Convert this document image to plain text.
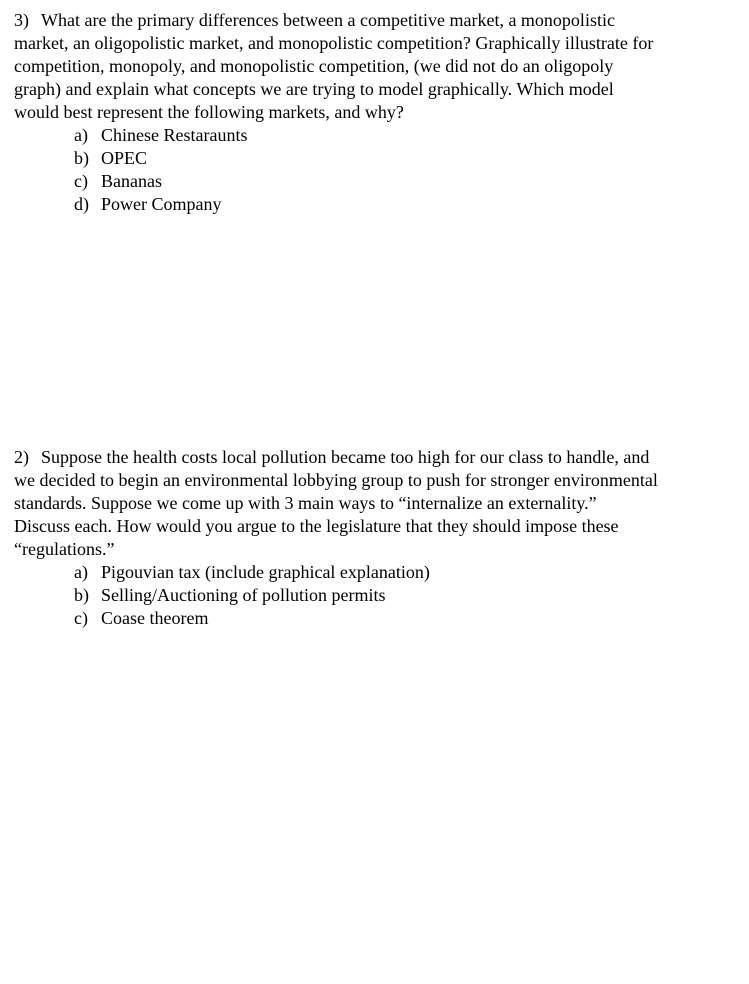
3) What are the primary differences between a competitive market, a monopolistic
market, an oligopolistic market, and monopolistic competition? Graphically illustrate for
competition, monopoly, and monopolistic competition, (we did not do an oligopoly
graph) and explain what concepts we are trying to model graphically. Which model
would best represent the following markets, and why?
a) Chinese Restaraunts
b) OPEC
c) Bananas
d) Power Company
2) Suppose the health costs local pollution became too high for our class to handle, and
we decided to begin an environmental lobbying group to push for stronger environmental
standards. Suppose we come up with 3 main ways to “internalize an externality.”
Discuss each. How would you argue to the legislature that they should impose these
“regulations.”
a) Pigouvian tax (include graphical explanation)
b) Selling/Auctioning of pollution permits
c) Coase theorem
